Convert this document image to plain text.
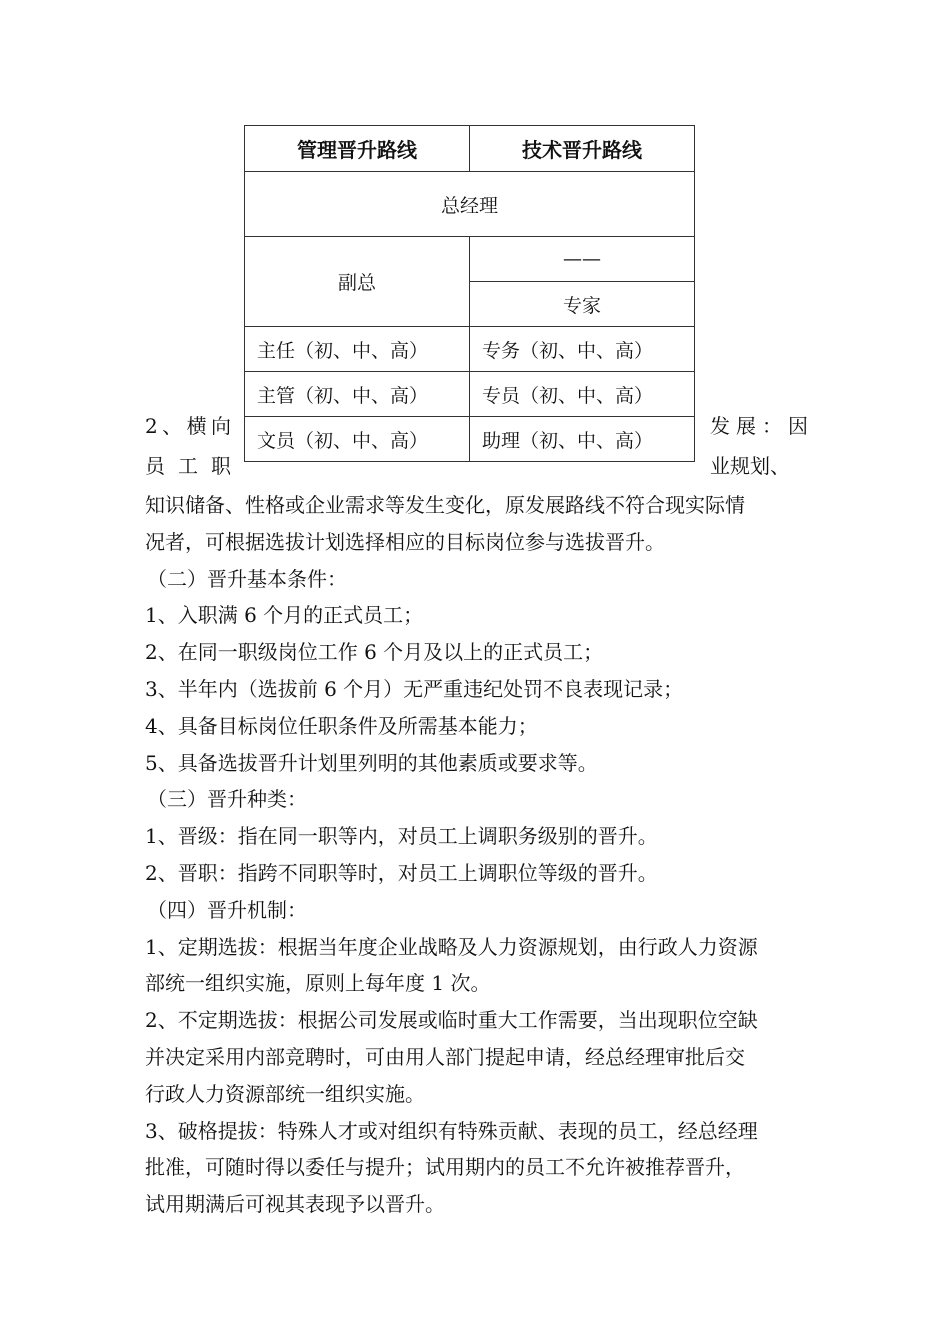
管理晋升路线	技术晋升路线
总经理	
副总	——
	专家
主任（初、中、高）	专务（初、中、高）
主管（初、中、高）	专员（初、中、高）
文员（初、中、高）	助理（初、中、高）
2、横向
员工职
发展：因
业规划、
知识储备、性格或企业需求等发生变化，原发展路线不符合现实际情
况者，可根据选拔计划选择相应的目标岗位参与选拔晋升。
（二）晋升基本条件：
1、入职满 6 个月的正式员工；
2、在同一职级岗位工作 6 个月及以上的正式员工；
3、半年内（选拔前 6 个月）无严重违纪处罚不良表现记录；
4、具备目标岗位任职条件及所需基本能力；
5、具备选拔晋升计划里列明的其他素质或要求等。
（三）晋升种类：
1、晋级：指在同一职等内，对员工上调职务级别的晋升。
2、晋职：指跨不同职等时，对员工上调职位等级的晋升。
（四）晋升机制：
1、定期选拔：根据当年度企业战略及人力资源规划，由行政人力资源
部统一组织实施，原则上每年度 1 次。
2、不定期选拔：根据公司发展或临时重大工作需要，当出现职位空缺
并决定采用内部竞聘时，可由用人部门提起申请，经总经理审批后交
行政人力资源部统一组织实施。
3、破格提拔：特殊人才或对组织有特殊贡献、表现的员工，经总经理
批准，可随时得以委任与提升；试用期内的员工不允许被推荐晋升，
试用期满后可视其表现予以晋升。
